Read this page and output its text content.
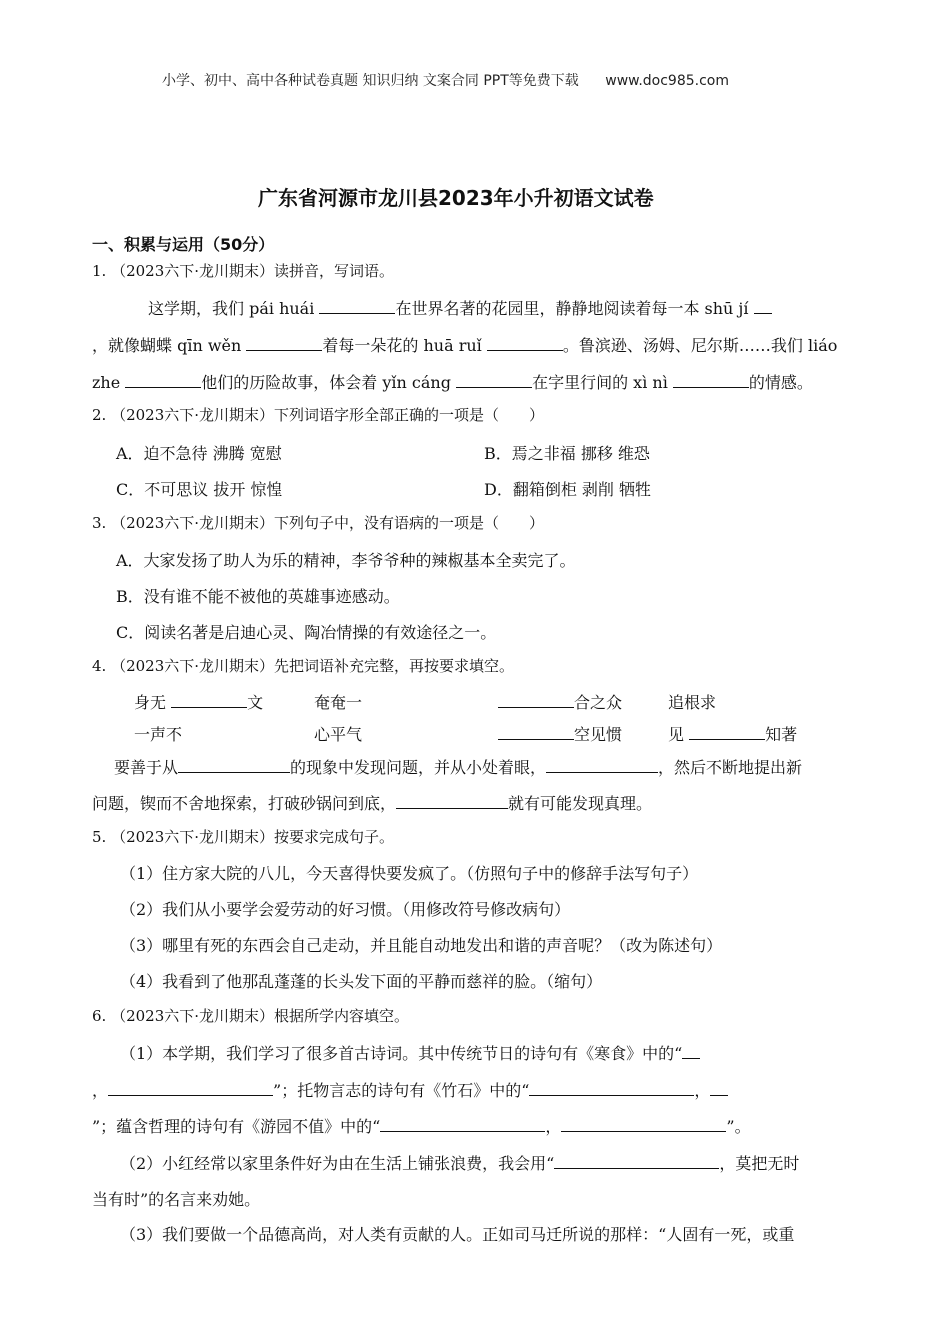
小学、初中、高中各种试卷真题 知识归纳 文案合同 PPT等免费下载 www.doc985.com
广东省河源市龙川县2023年小升初语文试卷
一、积累与运用（50分）
1. （2023六下·龙川期末）读拼音，写词语。
这学期，我们 pái huái	在世界名著的花园里，静静地阅读着每一本 shū jí
，就像蝴蝶 qīn wěn	着每一朵花的 huā ruǐ	。鲁滨逊、汤姆、尼尔斯……我们 liáo
zhe	他们的历险故事，体会着 yǐn cáng	在字里行间的 xì nì	的情感。
2. （2023六下·龙川期末）下列词语字形全部正确的一项是（　　）
A．迫不急待 沸腾 宽慰	B．焉之非福 挪移 维恐
C．不可思议 拔开 惊惶	D．翻箱倒柜 剥削 牺牲
3. （2023六下·龙川期末）下列句子中，没有语病的一项是（　　）
A．大家发扬了助人为乐的精神，李爷爷种的辣椒基本全卖完了。
B．没有谁不能不被他的英雄事迹感动。
C．阅读名著是启迪心灵、陶冶情操的有效途径之一。
4. （2023六下·龙川期末）先把词语补充完整，再按要求填空。
身无	文	奄奄一	合之众	追根求
一声不	心平气	空见惯	见	知著
要善于从	的现象中发现问题，并从小处着眼，	，然后不断地提出新
问题，锲而不舍地探索，打破砂锅问到底，	就有可能发现真理。
5. （2023六下·龙川期末）按要求完成句子。
（1）住方家大院的八儿，今天喜得快要发疯了。（仿照句子中的修辞手法写句子）
（2）我们从小要学会爱劳动的好习惯。（用修改符号修改病句）
（3）哪里有死的东西会自己走动，并且能自动地发出和谐的声音呢？（改为陈述句）
（4）我看到了他那乱蓬蓬的长头发下面的平静而慈祥的脸。（缩句）
6. （2023六下·龙川期末）根据所学内容填空。
（1）本学期，我们学习了很多首古诗词。其中传统节日的诗句有《寒食》中的“
，	”；托物言志的诗句有《竹石》中的“	，
”；蕴含哲理的诗句有《游园不值》中的“	，	”。
（2）小红经常以家里条件好为由在生活上铺张浪费，我会用“	，莫把无时
当有时”的名言来劝她。
（3）我们要做一个品德高尚，对人类有贡献的人。正如司马迁所说的那样：“人固有一死，或重
